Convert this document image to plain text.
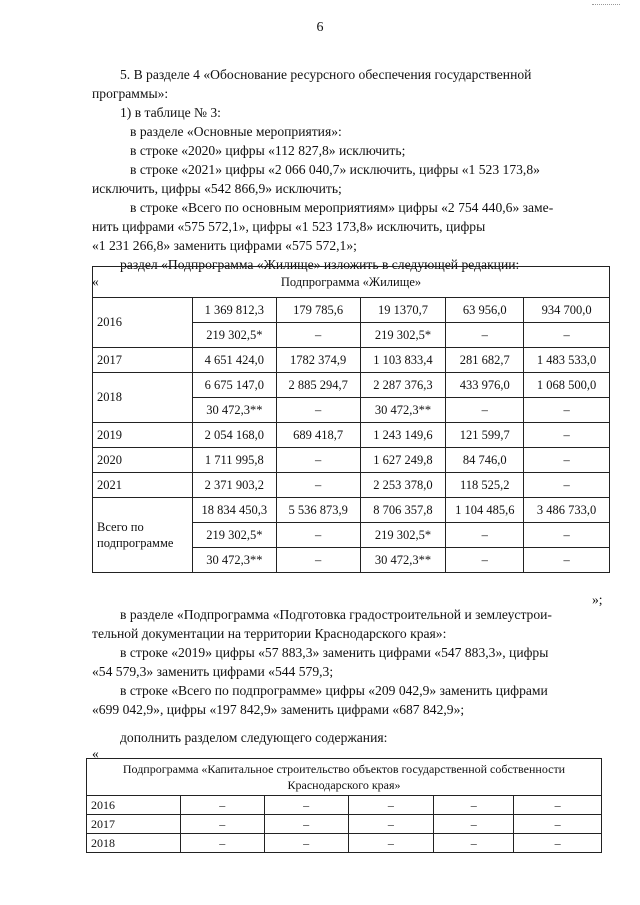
6
5. В разделе 4 «Обоснование ресурсного обеспечения государственной
программы»:
1) в таблице № 3:
в разделе «Основные мероприятия»:
в строке «2020» цифры «112 827,8» исключить;
в строке «2021» цифры «2 066 040,7» исключить, цифры «1 523 173,8»
исключить, цифры «542 866,9» исключить;
в строке «Всего по основным мероприятиям» цифры «2 754 440,6» заме-
нить цифрами «575 572,1», цифры «1 523 173,8» исключить, цифры
«1 231 266,8» заменить цифрами «575 572,1»;
раздел «Подпрограмма «Жилище» изложить в следующей редакции:
«	Подпрограмма «Жилище»					
2016	1 369 812,3	179 785,6	19 1370,7	63 956,0	934 700,0
	219 302,5*	–	219 302,5*	–	–
2017	4 651 424,0	1782 374,9	1 103 833,4	281 682,7	1 483 533,0
2018	6 675 147,0	2 885 294,7	2 287 376,3	433 976,0	1 068 500,0
	30 472,3**	–	30 472,3**	–	–
2019	2 054 168,0	689 418,7	1 243 149,6	121 599,7	–
2020	1 711 995,8	–	1 627 249,8	84 746,0	–
2021	2 371 903,2	–	2 253 378,0	118 525,2	–

Всего по
подпрограмме	18 834 450,3	5 536 873,9	8 706 357,8	1 104 485,6	3 486 733,0
	219 302,5*	–	219 302,5*	–	–
	30 472,3**	–	30 472,3**	–	–
»;
в разделе «Подпрограмма «Подготовка градостроительной и землеустрои-
тельной документации на территории Краснодарского края»:
в строке «2019» цифры «57 883,3» заменить цифрами «547 883,3», цифры
«54 579,3» заменить цифрами «544 579,3;
в строке «Всего по подпрограмме» цифры «209 042,9» заменить цифрами
«699 042,9», цифры «197 842,9» заменить цифрами «687 842,9»;
дополнить разделом следующего содержания:
«
Подпрограмма «Капитальное строительство объектов государственной собственности
Краснодарского края»					

2016	–	–	–	–	–
2017	–	–	–	–	–
2018	–	–	–	–	–
